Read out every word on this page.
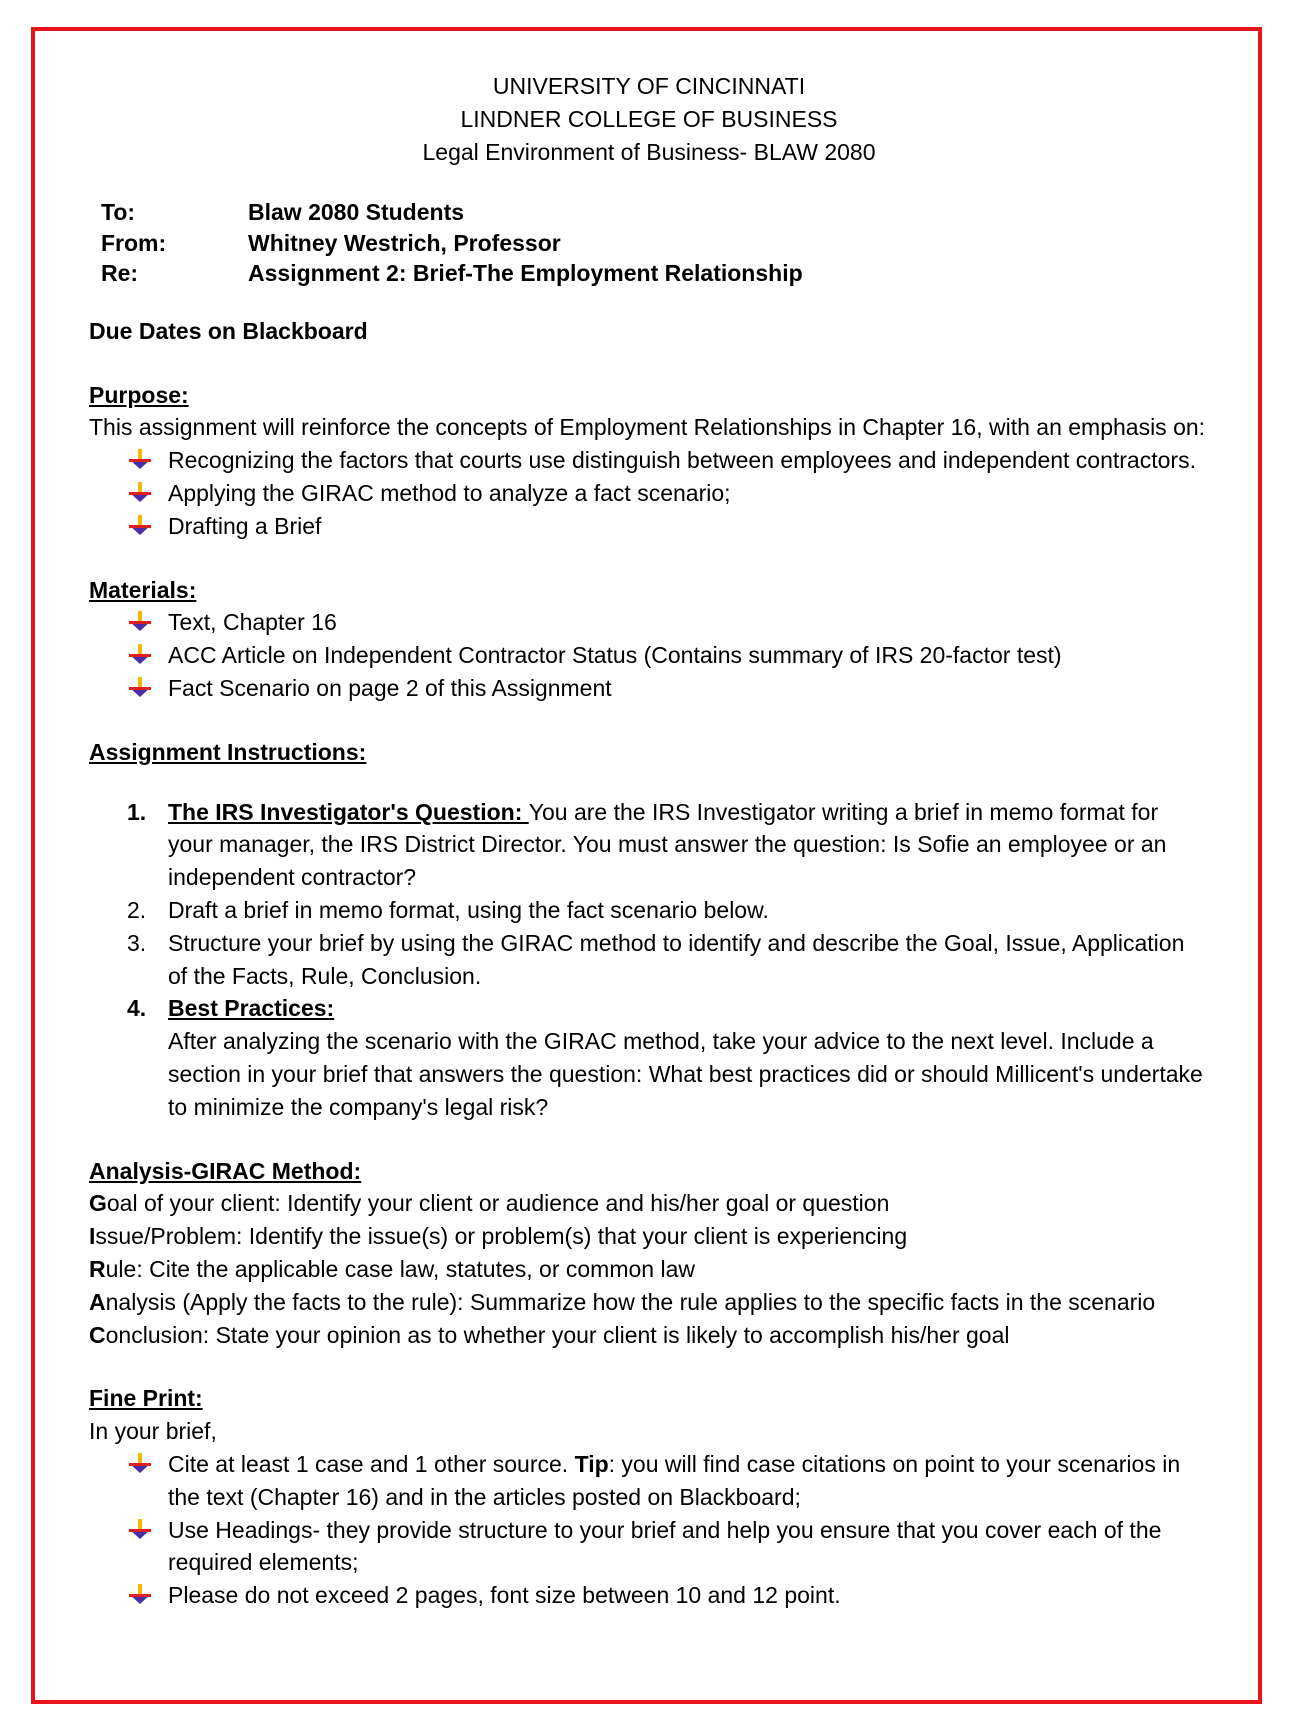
UNIVERSITY OF CINCINNATI
LINDNER COLLEGE OF BUSINESS
Legal Environment of Business- BLAW 2080
To:	Blaw 2080 Students
From:	Whitney Westrich, Professor
Re:	Assignment 2: Brief-The Employment Relationship

Due Dates on Blackboard

Purpose:

This assignment will reinforce the concepts of Employment Relationships in Chapter 16, with an emphasis on:

Recognizing the factors that courts use distinguish between employees and independent contractors.
Applying the GIRAC method to analyze a fact scenario;
Drafting a Brief

Materials:

Text, Chapter 16
ACC Article on Independent Contractor Status (Contains summary of IRS 20-factor test)
Fact Scenario on page 2 of this Assignment

Assignment Instructions:

1. The IRS Investigator's Question: You are the IRS Investigator writing a brief in memo format for your manager, the IRS District Director. You must answer the question: Is Sofie an employee or an independent contractor?
2. Draft a brief in memo format, using the fact scenario below.
3. Structure your brief by using the GIRAC method to identify and describe the Goal, Issue, Application of the Facts, Rule, Conclusion.
4. Best Practices:
After analyzing the scenario with the GIRAC method, take your advice to the next level. Include a section in your brief that answers the question: What best practices did or should Millicent's undertake to minimize the company's legal risk?

Analysis-GIRAC Method:

Goal of your client: Identify your client or audience and his/her goal or question

Issue/Problem: Identify the issue(s) or problem(s) that your client is experiencing

Rule: Cite the applicable case law, statutes, or common law

Analysis (Apply the facts to the rule): Summarize how the rule applies to the specific facts in the scenario

Conclusion: State your opinion as to whether your client is likely to accomplish his/her goal

Fine Print:

In your brief,

Cite at least 1 case and 1 other source. Tip: you will find case citations on point to your scenarios in the text (Chapter 16) and in the articles posted on Blackboard;
Use Headings- they provide structure to your brief and help you ensure that you cover each of the required elements;
Please do not exceed 2 pages, font size between 10 and 12 point.
